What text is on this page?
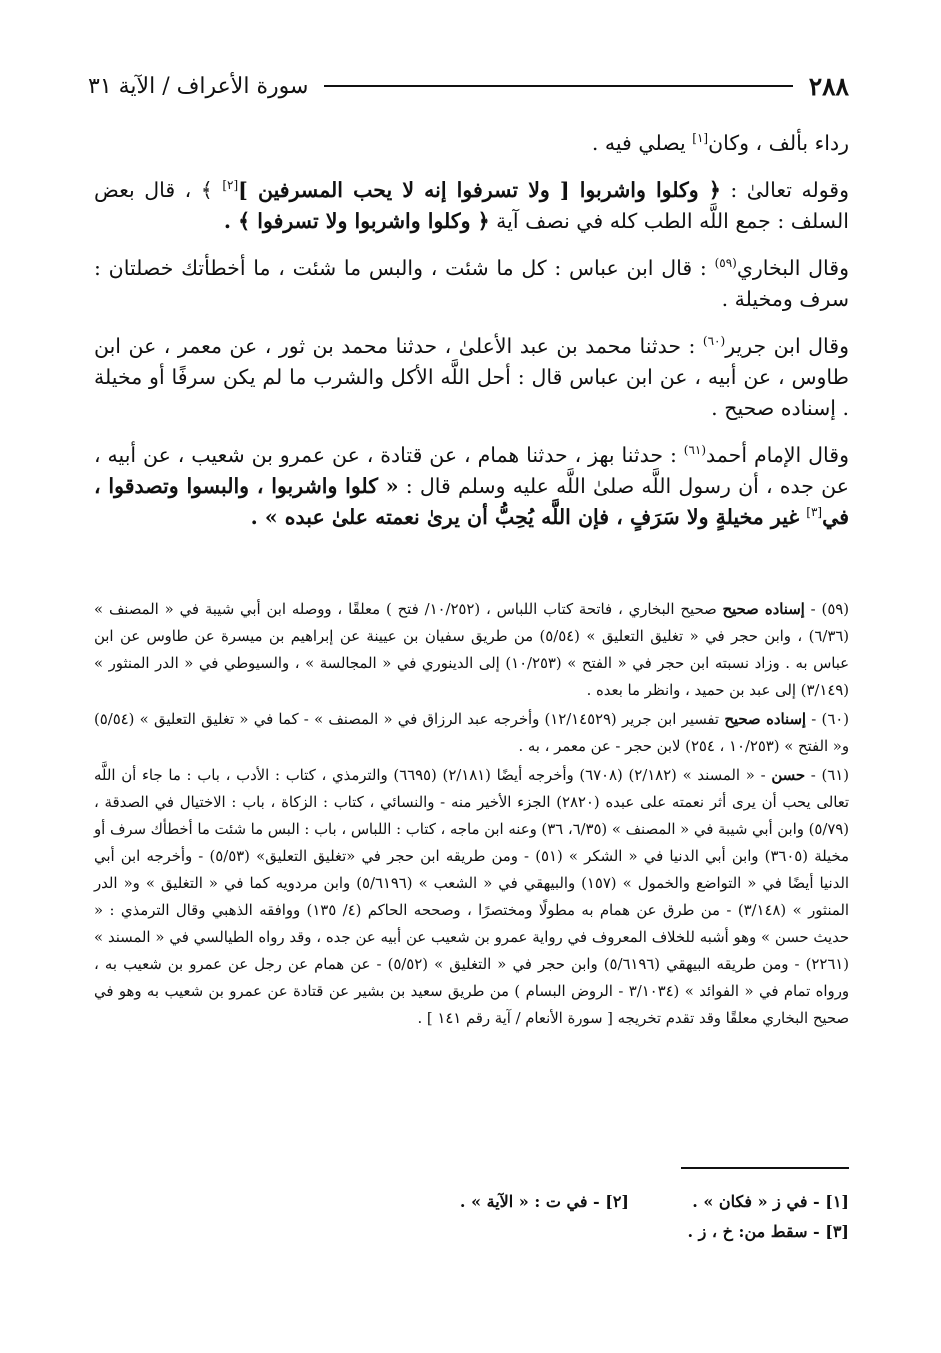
٢٨٨
سورة الأعراف / الآية ٣١

رداء بألف ، وكان[١] يصلي فيه .

وقوله تعالىٰ : ﴿ وكلوا واشربوا [ ولا تسرفوا إنه لا يحب المسرفين ][٢] ﴾ ، قال بعض السلف : جمع اللَّه الطب كله في نصف آية ﴿ وكلوا واشربوا ولا تسرفوا ﴾ .

وقال البخاري$^{(٥٩)}$ : قال ابن عباس : كل ما شئت ، والبس ما شئت ، ما أخطأتك خصلتان : سرف ومخيلة .

وقال ابن جرير$^{(٦٠)}$ : حدثنا محمد بن عبد الأعلىٰ ، حدثنا محمد بن ثور ، عن معمر ، عن ابن طاوس ، عن أبيه ، عن ابن عباس قال : أحل اللَّه الأكل والشرب ما لم يكن سرفًا أو مخيلة . إسناده صحيح .

وقال الإمام أحمد$^{(٦١)}$ : حدثنا بهز ، حدثنا همام ، عن قتادة ، عن عمرو بن شعيب ، عن أبيه ، عن جده ، أن رسول اللَّه صلىٰ اللَّه عليه وسلم قال : « كلوا واشربوا ، والبسوا وتصدقوا ، في[٣] غير مخيلةٍ ولا سَرَفٍ ، فإن اللَّه يُحِبُّ أن يرىٰ نعمته علىٰ عبده » .

(٥٩) - إسناده صحيح صحيح البخاري ، فاتحة كتاب اللباس ، (١٠/٢٥٢/ فتح ) معلقًا ، ووصله ابن أبي شيبة في « المصنف » (٦/٣٦) ، وابن حجر في « تغليق التعليق » (٥/٥٤) من طريق سفيان بن عيينة عن إبراهيم بن ميسرة عن طاوس عن ابن عباس به . وزاد نسبته ابن حجر في « الفتح » (١٠/٢٥٣) إلى الدينوري في « المجالسة » ، والسيوطي في « الدر المنثور » (٣/١٤٩) إلى عبد بن حميد ، وانظر ما بعده .

(٦٠) - إسناده صحيح تفسير ابن جرير (١٢/١٤٥٢٩) وأخرجه عبد الرزاق في « المصنف » - كما في « تغليق التعليق » (٥/٥٤) و« الفتح » (١٠/٢٥٣ ، ٢٥٤) لابن حجر - عن معمر ، به .

(٦١) - حسن - « المسند » (٢/١٨٢) (٦٧٠٨) وأخرجه أيضًا (٢/١٨١) (٦٦٩٥) والترمذي ، كتاب : الأدب ، باب : ما جاء أن اللَّه تعالى يحب أن يرى أثر نعمته على عبده (٢٨٢٠) الجزء الأخير منه - والنسائي ، كتاب : الزكاة ، باب : الاختيال في الصدقة ، (٥/٧٩) وابن أبي شيبة في « المصنف » (٦/٣٥، ٣٦) وعنه ابن ماجه ، كتاب : اللباس ، باب : البس ما شئت ما أخطأك سرف أو مخيلة (٣٦٠٥) وابن أبي الدنيا في « الشكر » (٥١) - ومن طريقه ابن حجر في «تغليق التعليق» (٥/٥٣) - وأخرجه ابن أبي الدنيا أيضًا في « التواضع والخمول » (١٥٧) والبيهقي في « الشعب » (٥/٦١٩٦) وابن مردويه كما في « التغليق » و« الدر المنثور » (٣/١٤٨) - من طرق عن همام به مطولًا ومختصرًا ، وصححه الحاكم (٤/ ١٣٥) ووافقه الذهبي وقال الترمذي : « حديث حسن » وهو أشبه للخلاف المعروف في رواية عمرو بن شعيب عن أبيه عن جده ، وقد رواه الطيالسي في « المسند » (٢٢٦١) - ومن طريقه البيهقي (٥/٦١٩٦) وابن حجر في « التغليق » (٥/٥٢) - عن همام عن رجل عن عمرو بن شعيب به ، ورواه تمام في « الفوائد » (٣/١٠٣٤ - الروض البسام ) من طريق سعيد بن بشير عن قتادة عن عمرو بن شعيب به وهو في صحيح البخاري معلقًا وقد تقدم تخريجه [ سورة الأنعام / آية رقم ١٤١ ] .

[١] - في ز « فكان » .
[٢] - في ت : « الآية » .
[٣] - سقط من: خ ، ز .
